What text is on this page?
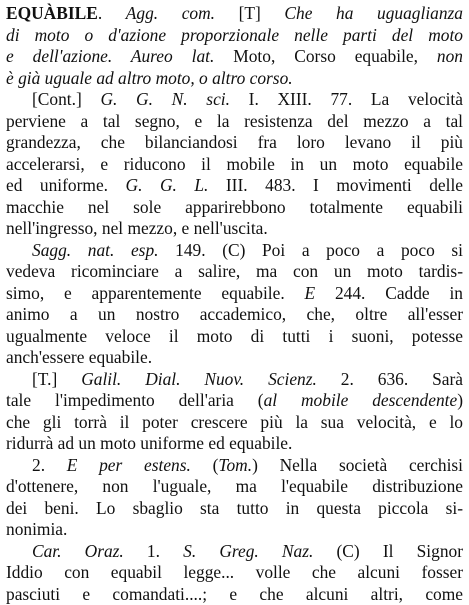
EQUÀBILE. Agg. com. [T] Che ha uguaglianza
di moto o d'azione proporzionale nelle parti del moto
e dell'azione. Aureo lat. Moto, Corso equabile, non
è già uguale ad altro moto, o altro corso.
[Cont.] G. G. N. sci. I. XIII. 77. La velocità
perviene a tal segno, e la resistenza del mezzo a tal
grandezza, che bilanciandosi fra loro levano il più
accelerarsi, e riducono il mobile in un moto equabile
ed uniforme. G. G. L. III. 483. I movimenti delle
macchie nel sole apparirebbono totalmente equabili
nell'ingresso, nel mezzo, e nell'uscita.
Sagg. nat. esp. 149. (C) Poi a poco a poco si
vedeva ricominciare a salire, ma con un moto tardis-
simo, e apparentemente equabile. E 244. Cadde in
animo a un nostro accademico, che, oltre all'esser
ugualmente veloce il moto di tutti i suoni, potesse
anch'essere equabile.
[T.] Galil. Dial. Nuov. Scienz. 2. 636. Sarà
tale l'impedimento dell'aria (al mobile descendente)
che gli torrà il poter crescere più la sua velocità, e lo
ridurrà ad un moto uniforme ed equabile.
2. E per estens. (Tom.) Nella società cerchisi
d'ottenere, non l'uguale, ma l'equabile distribuzione
dei beni. Lo sbaglio sta tutto in questa piccola si-
nonimia.
Car. Oraz. 1. S. Greg. Naz. (C) Il Signor
Iddio con equabil legge... volle che alcuni fosser
pasciuti e comandati....; e che alcuni altri, come
